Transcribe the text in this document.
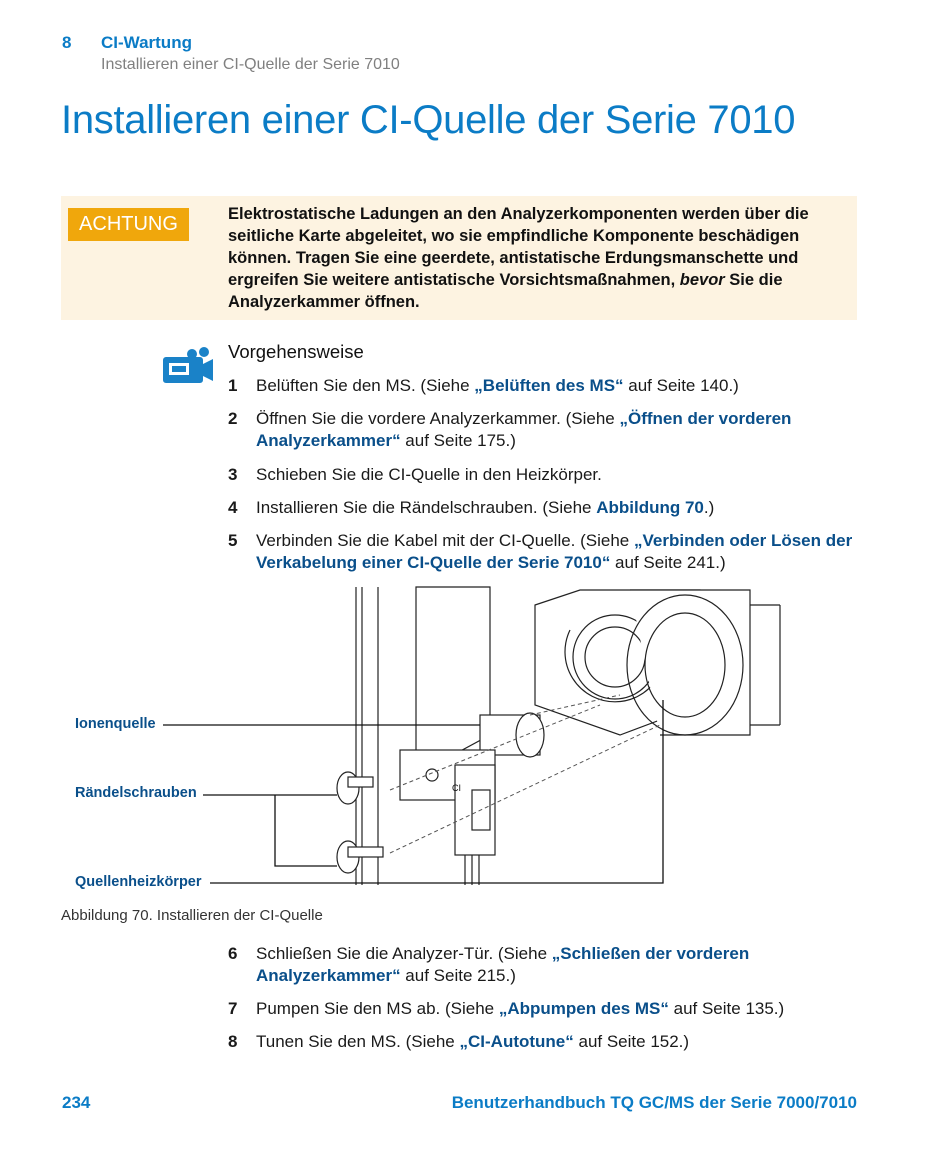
8 CI-Wartung
Installieren einer CI-Quelle der Serie 7010
Installieren einer CI-Quelle der Serie 7010
ACHTUNG	Elektrostatische Ladungen an den Analyzerkomponenten werden über die seitliche Karte abgeleitet, wo sie empfindliche Komponente beschädigen können. Tragen Sie eine geerdete, antistatische Erdungsmanschette und ergreifen Sie weitere antistatische Vorsichtsmaßnahmen, bevor Sie die Analyzerkammer öffnen.
Vorgehensweise
1 Belüften Sie den MS. (Siehe „Belüften des MS“ auf Seite 140.)
2 Öffnen Sie die vordere Analyzerkammer. (Siehe „Öffnen der vorderen Analyzerkammer“ auf Seite 175.)
3 Schieben Sie die CI-Quelle in den Heizkörper.
4 Installieren Sie die Rändelschrauben. (Siehe Abbildung 70.)
5 Verbinden Sie die Kabel mit der CI-Quelle. (Siehe „Verbinden oder Lösen der Verkabelung einer CI-Quelle der Serie 7010“ auf Seite 241.)
CI
Ionenquelle
Rändelschrauben
Quellenheizkörper
Abbildung 70. Installieren der CI-Quelle
6 Schließen Sie die Analyzer-Tür. (Siehe „Schließen der vorderen Analyzerkammer“ auf Seite 215.)
7 Pumpen Sie den MS ab. (Siehe „Abpumpen des MS“ auf Seite 135.)
8 Tunen Sie den MS. (Siehe „CI-Autotune“ auf Seite 152.)
234	Benutzerhandbuch TQ GC/MS der Serie 7000/7010
